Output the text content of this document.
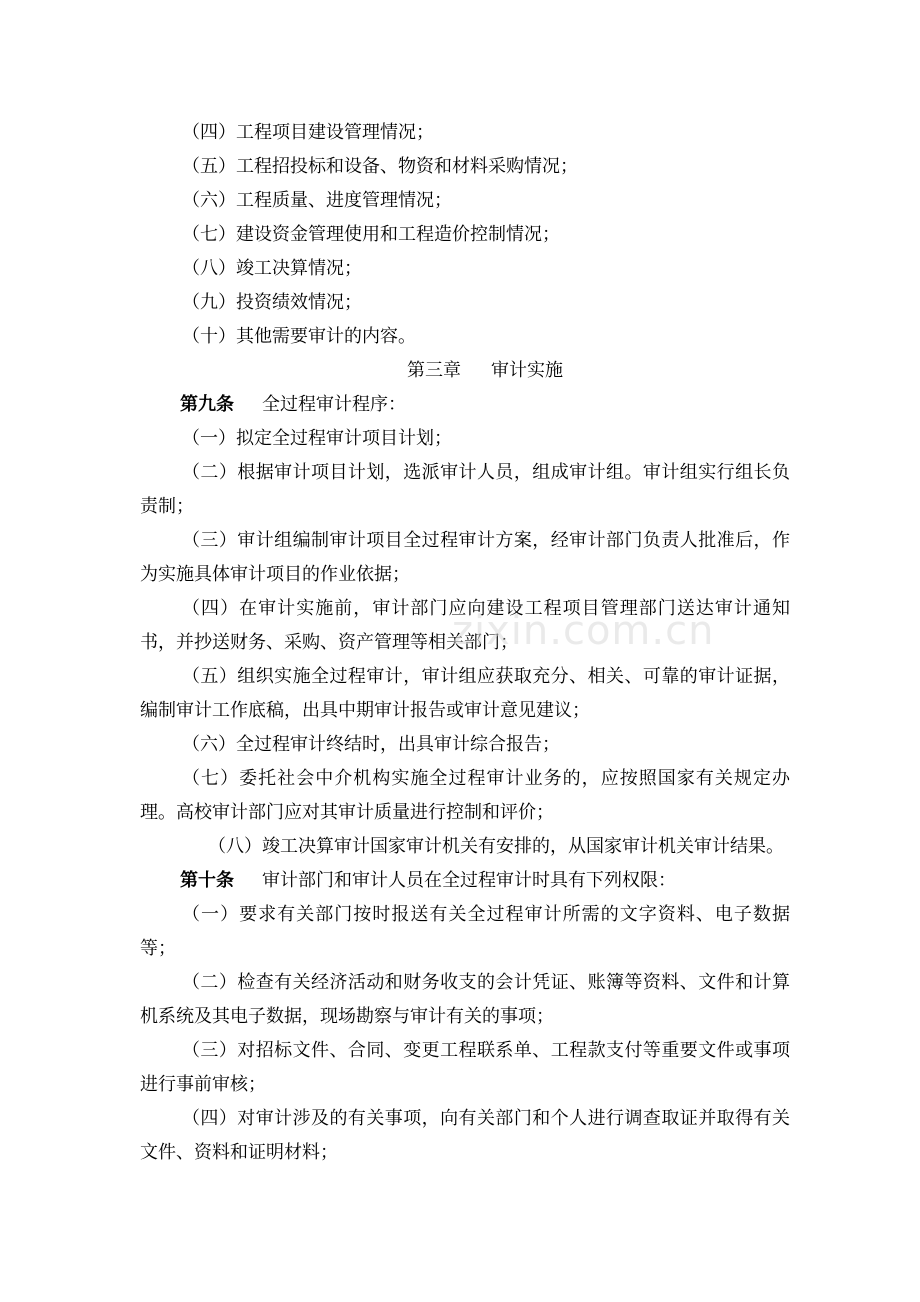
（四）工程项目建设管理情况；
（五）工程招投标和设备、物资和材料采购情况；
（六）工程质量、进度管理情况；
（七）建设资金管理使用和工程造价控制情况；
（八）竣工决算情况；
（九）投资绩效情况；
（十）其他需要审计的内容。
第三章 审计实施
第九条 全过程审计程序：
（一）拟定全过程审计项目计划；
（二）根据审计项目计划，选派审计人员，组成审计组。审计组实行组长负责制；
（三）审计组编制审计项目全过程审计方案，经审计部门负责人批准后，作为实施具体审计项目的作业依据；
（四）在审计实施前，审计部门应向建设工程项目管理部门送达审计通知书，并抄送财务、采购、资产管理等相关部门；
（五）组织实施全过程审计，审计组应获取充分、相关、可靠的审计证据，编制审计工作底稿，出具中期审计报告或审计意见建议；
（六）全过程审计终结时，出具审计综合报告；
（七）委托社会中介机构实施全过程审计业务的，应按照国家有关规定办理。高校审计部门应对其审计质量进行控制和评价；
（八）竣工决算审计国家审计机关有安排的，从国家审计机关审计结果。
第十条 审计部门和审计人员在全过程审计时具有下列权限：
（一）要求有关部门按时报送有关全过程审计所需的文字资料、电子数据等；
（二）检查有关经济活动和财务收支的会计凭证、账簿等资料、文件和计算机系统及其电子数据，现场勘察与审计有关的事项；
（三）对招标文件、合同、变更工程联系单、工程款支付等重要文件或事项进行事前审核；
（四）对审计涉及的有关事项，向有关部门和个人进行调查取证并取得有关文件、资料和证明材料；
zixin.com.cn
